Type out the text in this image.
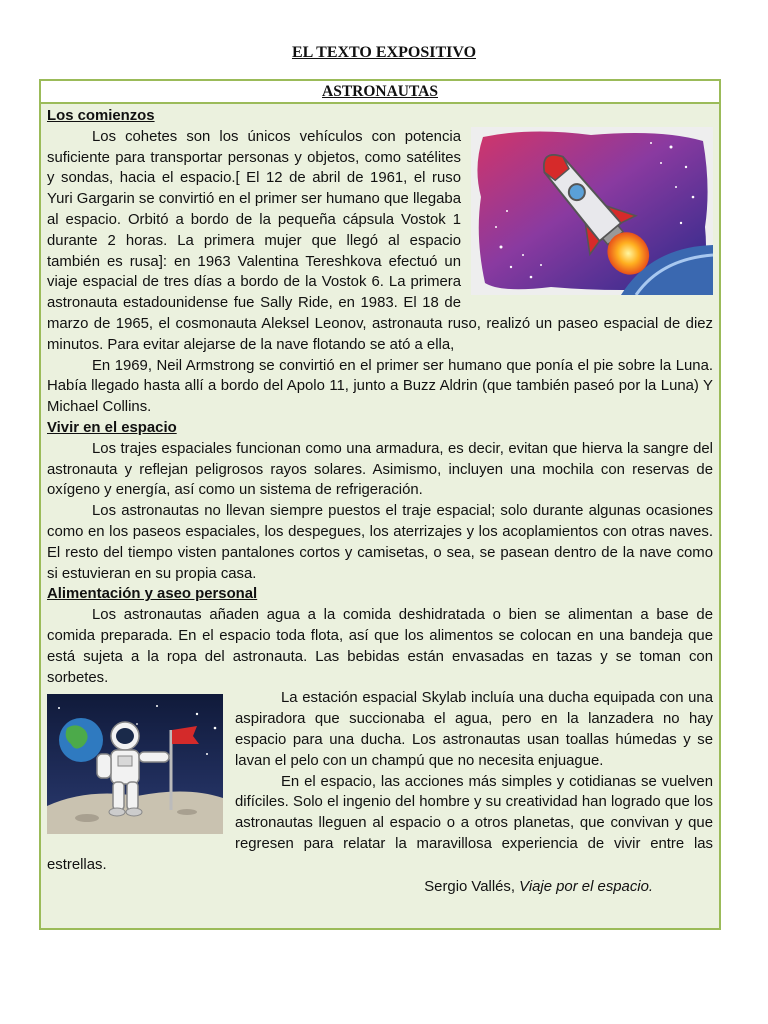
EL TEXTO EXPOSITIVO
ASTRONAUTAS
Los comienzos

Los cohetes son los únicos vehículos con potencia suficiente para transportar personas y objetos, como satélites y sondas, hacia el espacio.[ El 12 de abril de 1961, el ruso Yuri Gargarin se convirtió en el primer ser humano que llegaba al espacio. Orbitó a bordo de la pequeña cápsula Vostok 1 durante 2 horas. La primera mujer que llegó al espacio también es rusa]: en 1963 Valentina Tereshkova efectuó un viaje espacial de tres días a bordo de la Vostok 6. La primera astronauta estadounidense fue Sally Ride, en 1983. El 18 de marzo de 1965, el cosmonauta Aleksel Leonov, astronauta ruso, realizó un paseo espacial de diez minutos. Para evitar alejarse de la nave flotando se ató a ella,

En 1969, Neil Armstrong se convirtió en el primer ser humano que ponía el pie sobre la Luna. Había llegado hasta allí a bordo del Apolo 11, junto a Buzz Aldrin (que también paseó por la Luna) Y Michael Collins.

Vivir en el espacio

Los trajes espaciales funcionan como una armadura, es decir, evitan que hierva la sangre del astronauta y reflejan peligrosos rayos solares. Asimismo, incluyen una mochila con reservas de oxígeno y energía, así como un sistema de refrigeración.

Los astronautas no llevan siempre puestos el traje espacial; solo durante algunas ocasiones como en los paseos espaciales, los despegues, los aterrizajes y los acoplamientos con otras naves. El resto del tiempo visten pantalones cortos y camisetas, o sea, se pasean dentro de la nave como si estuvieran en su propia casa.

Alimentación y aseo personal

Los astronautas añaden agua a la comida deshidratada o bien se alimentan a base de comida preparada. En el espacio toda flota, así que los alimentos se colocan en una bandeja que está sujeta a la ropa del astronauta. Las bebidas están envasadas en tazas y se toman con sorbetes.

La estación espacial Skylab incluía una ducha equipada con una aspiradora que succionaba el agua, pero en la lanzadera no hay espacio para una ducha. Los astronautas usan toallas húmedas y se lavan el pelo con un champú que no necesita enjuague.

En el espacio, las acciones más simples y cotidianas se vuelven difíciles. Solo el ingenio del hombre y su creatividad han logrado que los astronautas lleguen al espacio o a otros planetas, que convivan y que regresen para relatar la maravillosa experiencia de vivir entre las estrellas.

Sergio Vallés, Viaje por el espacio.
